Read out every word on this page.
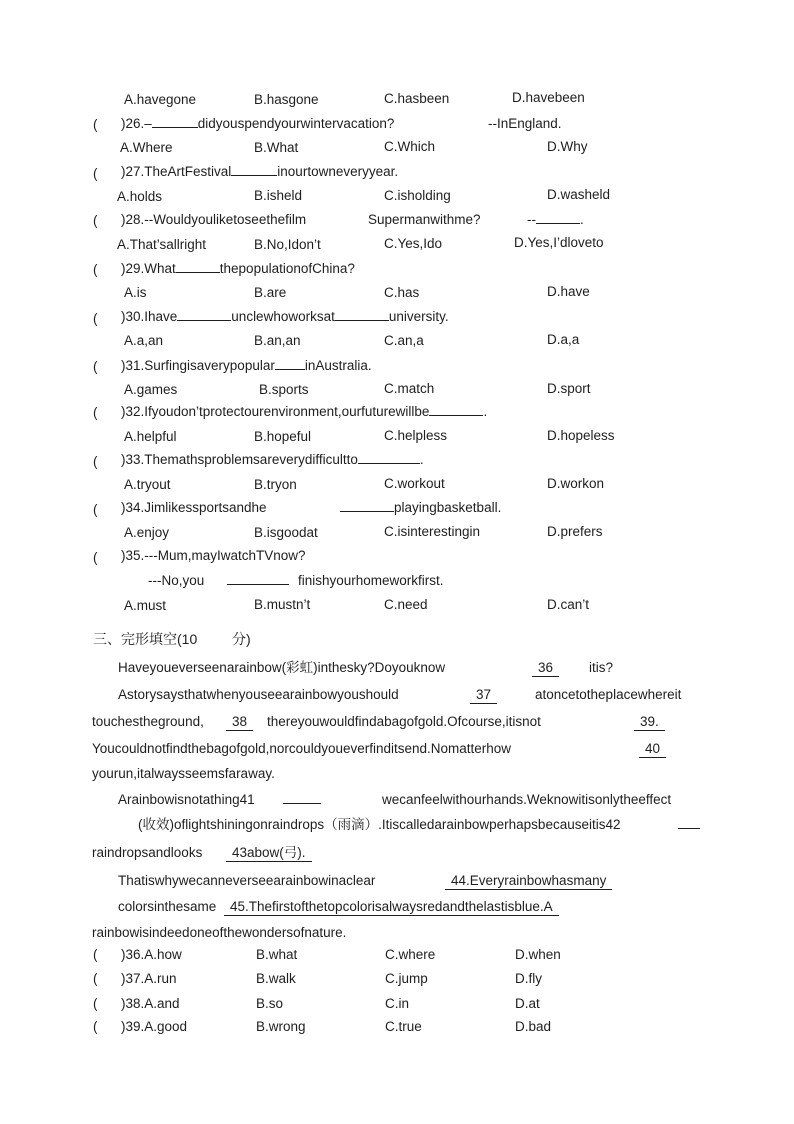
A.havegone	B.hasgone	C.hasbeen	D.havebeen
( )26.–	didyouspendyourwintervacation?	--InEngland.
A.Where	B.What	C.Which	D.Why
( )27.TheArtFestival	inourtowneveryyear.
A.holds	B.isheld	C.isholding	D.washeld
( )28.--Wouldyouliketoseethefilm	Supermanwithme?	--	.
A.That’sallright	B.No,Idon’t	C.Yes,Ido	D.Yes,I’dloveto
( )29.What	thepopulationofChina?
A.is	B.are	C.has	D.have
( )30.Ihave	unclewhoworksat	university.
A.a,an	B.an,an	C.an,a	D.a,a
( )31.Surfingisaverypopular inAustralia.
A.games	B.sports	C.match	D.sport
( )32.Ifyoudon’tprotectourenvironment,ourfuturewillbe	.
A.helpful	B.hopeful	C.helpless	D.hopeless
( )33.Themathsproblemsareverydifficultto	.
A.tryout	B.tryon	C.workout	D.workon
( )34.Jimlikessportsandhe	playingbasketball.
A.enjoy	B.isgoodat	C.isinterestingin	D.prefers
( )35.---Mum,mayIwatchTVnow?
---No,you	finishyourhomeworkfirst.
A.must	B.mustn’t	C.need	D.can’t
三、完形填空(10 分)
Haveyoueverseenarainbow(彩虹)inthesky?Doyouknow	36	itis?
Astorysaysthatwhenyouseearainbowyoushould	37	atoncetotheplacewhereit
touchestheground,	38	thereyouwouldfindabagofgold.Ofcourse,itisnot	39.
Youcouldnotfindthebagofgold,norcouldyoueverfinditsend.Nomatterhow	40
yourun,italwaysseemsfaraway.
Arainbowisnotathing41	wecanfeelwithourhands.Weknowitisonlytheeffect
(收效)oflightshiningonraindrops（雨滴）.Itiscalledarainbowperhapsbecauseitis42
raindropsandlooks	43abow(弓).
Thatiswhywecanneverseearainbowinaclear	44.Everyrainbowhasmany
colorsinthesame	45.Thefirstofthetopcolorisalwaysredandthelastisblue.A
rainbowisindeedoneofthewondersofnature.
( )36.A.how	B.what	C.where	D.when
( )37.A.run	B.walk	C.jump	D.fly
( )38.A.and	B.so	C.in	D.at
( )39.A.good	B.wrong	C.true	D.bad
